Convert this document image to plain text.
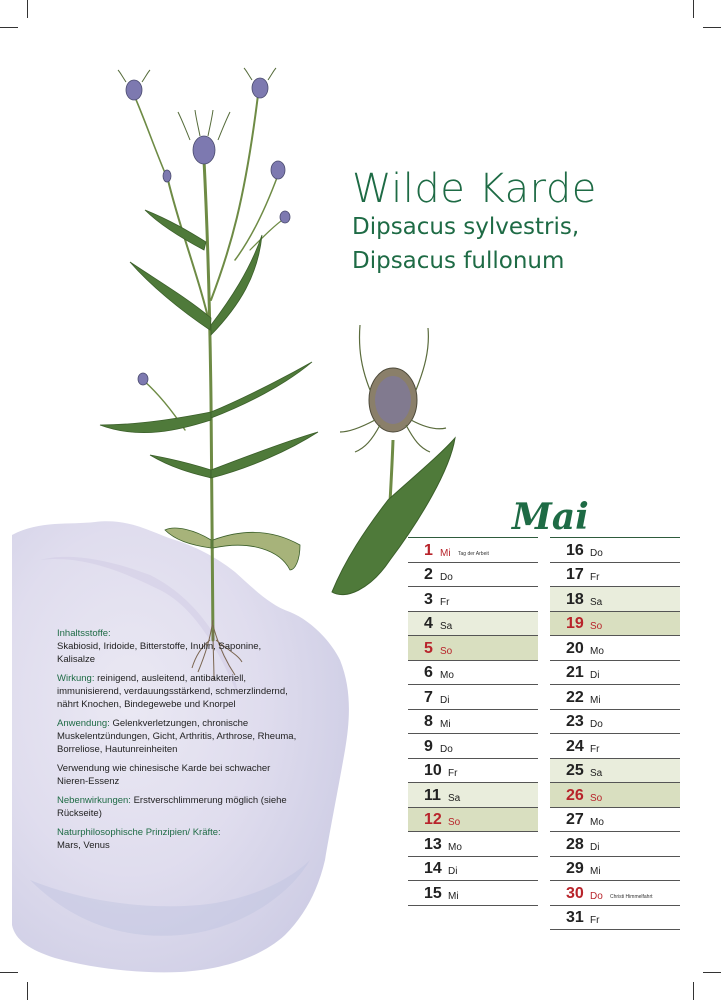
Wilde Karde
Dipsacus sylvestris,
Dipsacus fullonum
Mai
1 Mi Tag der Arbeit
2 Do
3 Fr
4 Sa
5 So
6 Mo
7 Di
8 Mi
9 Do
10 Fr
11 Sa
12 So
13 Mo
14 Di
15 Mi
16 Do
17 Fr
18 Sa
19 So
20 Mo
21 Di
22 Mi
23 Do
24 Fr
25 Sa
26 So
27 Mo
28 Di
29 Mi
30 Do Christi Himmelfahrt
31 Fr

Inhaltsstoffe:
Skabiosid, Iridoide, Bitterstoffe, Inulin, Saponine, Kalisalze

Wirkung: reinigend, ausleitend, antibakteriell, immunisierend, verdauungsstärkend, schmerzlindernd, nährt Knochen, Bindegewebe und Knorpel

Anwendung: Gelenkverletzungen, chronische Muskelentzündungen, Gicht, Arthritis, Arthrose, Rheuma, Borreliose, Hautunreinheiten

Verwendung wie chinesische Karde bei schwacher Nieren-Essenz

Nebenwirkungen: Erstverschlimmerung möglich (siehe Rückseite)

Naturphilosophische Prinzipien/ Kräfte:
Mars, Venus
